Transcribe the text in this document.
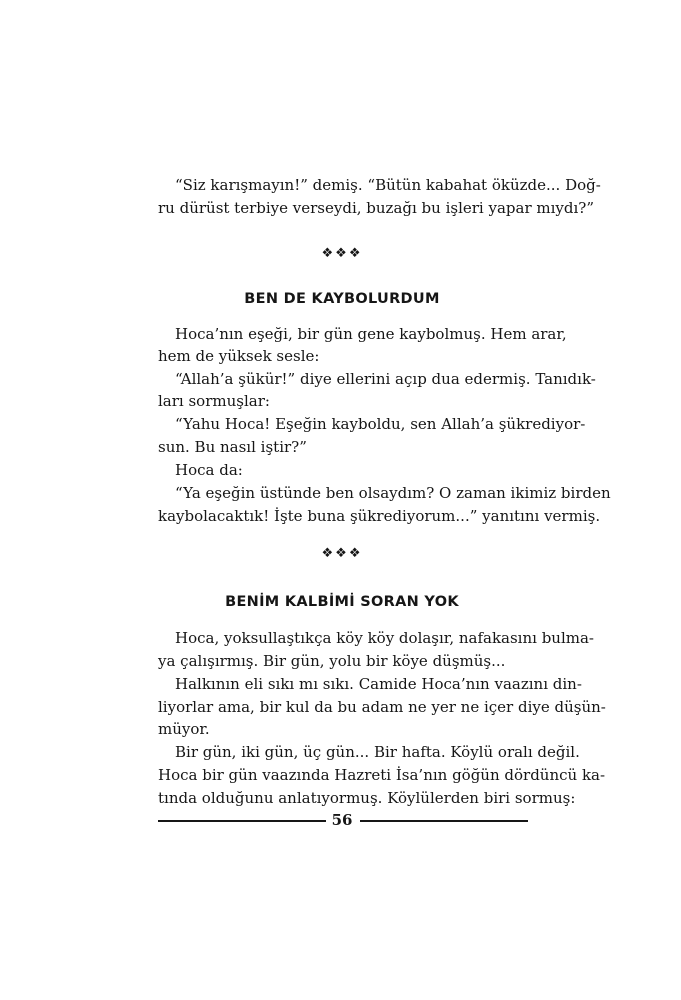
“Siz karışmayın!” demiş. “Bütün kabahat öküzde... Doğ-
ru dürüst terbiye verseydi, buzağı bu işleri yapar mıydı?”
❖❖❖
BEN DE KAYBOLURDUM
Hoca’nın eşeği, bir gün gene kaybolmuş. Hem arar,
hem de yüksek sesle:
“Allah’a şükür!” diye ellerini açıp dua edermiş. Tanıdık-
ları sormuşlar:
“Yahu Hoca! Eşeğin kayboldu, sen Allah’a şükrediyor-
sun. Bu nasıl iştir?”
Hoca da:
“Ya eşeğin üstünde ben olsaydım? O zaman ikimiz birden
kaybolacaktık! İşte buna şükrediyorum...” yanıtını vermiş.
❖❖❖
BENİM KALBİMİ SORAN YOK
Hoca, yoksullaştıkça köy köy dolaşır, nafakasını bulma-
ya çalışırmış. Bir gün, yolu bir köye düşmüş...
Halkının eli sıkı mı sıkı. Camide Hoca’nın vaazını din-
liyorlar ama, bir kul da bu adam ne yer ne içer diye düşün-
müyor.
Bir gün, iki gün, üç gün... Bir hafta. Köylü oralı değil.
Hoca bir gün vaazında Hazreti İsa’nın göğün dördüncü ka-
tında olduğunu anlatıyormuş. Köylülerden biri sormuş:
56
